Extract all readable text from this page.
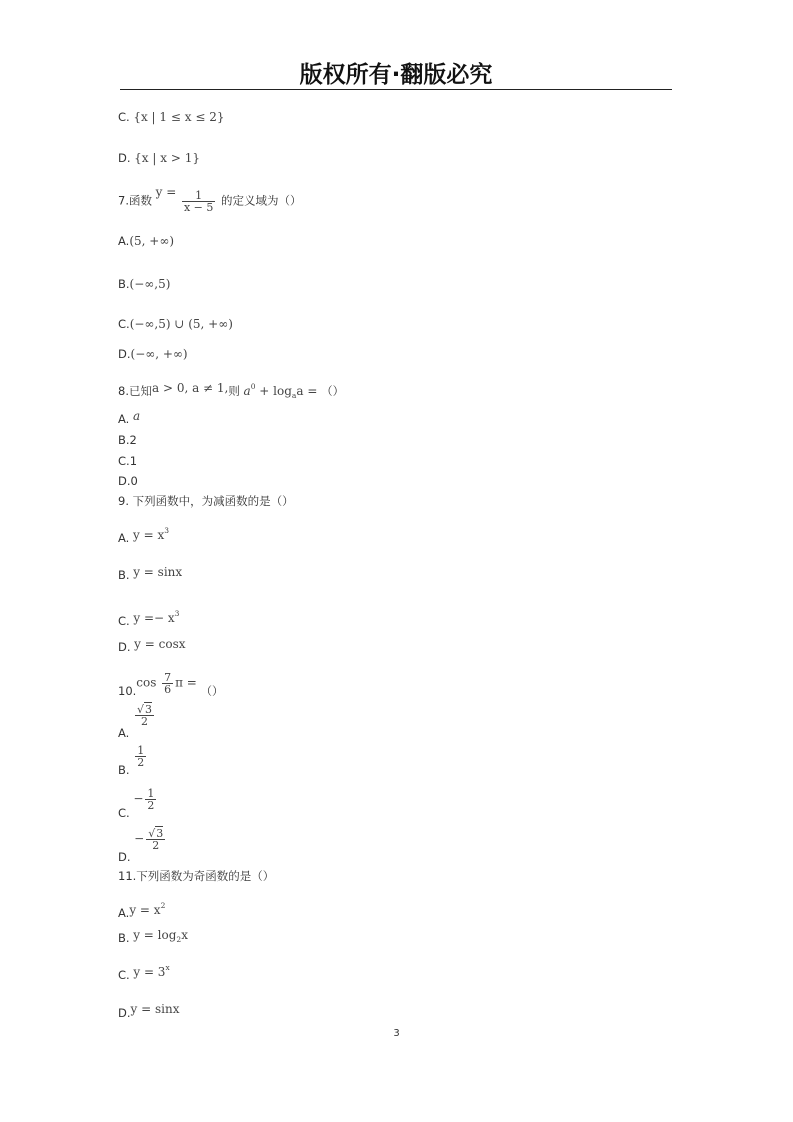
版权所有·翻版必究
C. {x | 1 ≤ x ≤ 2}
D. {x | x > 1}
7.函数 $y = \frac{1}{x - 5}$ 的定义域为（）
A.(5, +∞)
B.(−∞,5)
C.(−∞,5) ∪ (5, +∞)
D.(−∞, +∞)
8.已知a > 0, a ≠ 1,则 $a^0 + \log_aa$ = （）
A. a
B.2
C.1
D.0
9. 下列函数中，为减函数的是（）
A. $y = x^3$
B. y = sinx
C. $y =- x^3$
D. y = cosx
$10.\cos \frac{7}{6}$ π = （）
A.
$\frac{√3}{2}$
B.
$\frac{1}{2}$
C. − $\frac{1}{2}$
D. − $\frac{√3}{2}$
11.下列函数为奇函数的是（）
$A.y = x^2$
B. $y = \log_2x$
C. $y = 3^x$
D.y = sinx
3
